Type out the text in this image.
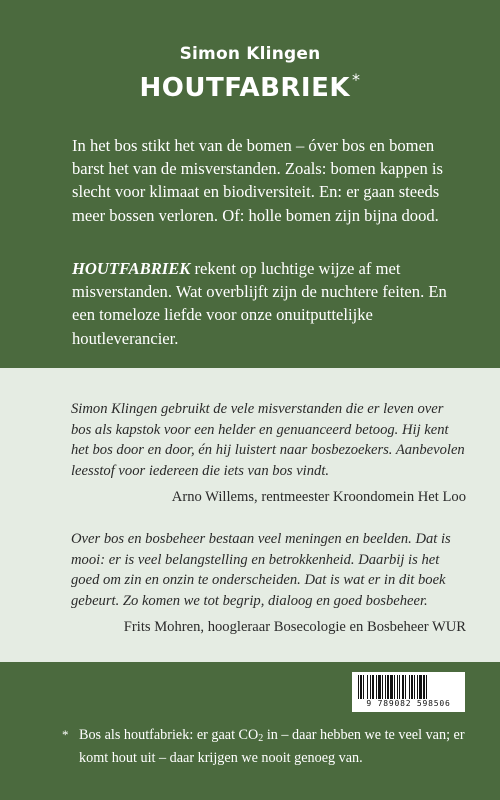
Simon Klingen
HOUTFABRIEK *

In het bos stikt het van de bomen – óver bos en bomen barst het van de misverstanden. Zoals: bomen kappen is slecht voor klimaat en biodiversiteit. En: er gaan steeds meer bossen verloren. Of: holle bomen zijn bijna dood.

HOUTFABRIEK rekent op luchtige wijze af met misverstanden. Wat overblijft zijn de nuchtere feiten. En een tomeloze liefde voor onze onuitputtelijke houtleverancier.

Simon Klingen gebruikt de vele misverstanden die er leven over bos als kapstok voor een helder en genuanceerd betoog. Hij kent het bos door en door, én hij luistert naar bosbezoekers. Aanbevolen leesstof voor iedereen die iets van bos vindt.

Arno Willems, rentmeester Kroondomein Het Loo

Over bos en bosbeheer bestaan veel meningen en beelden. Dat is mooi: er is veel belangstelling en betrokkenheid. Daarbij is het goed om zin en onzin te onderscheiden. Dat is wat er in dit boek gebeurt. Zo komen we tot begrip, dialoog en goed bosbeheer.

Frits Mohren, hoogleraar Bosecologie en Bosbeheer WUR

9 789082 598506
* Bos als houtfabriek: er gaat $CO_2$ in – daar hebben we te veel van; er komt hout uit – daar krijgen we nooit genoeg van.
